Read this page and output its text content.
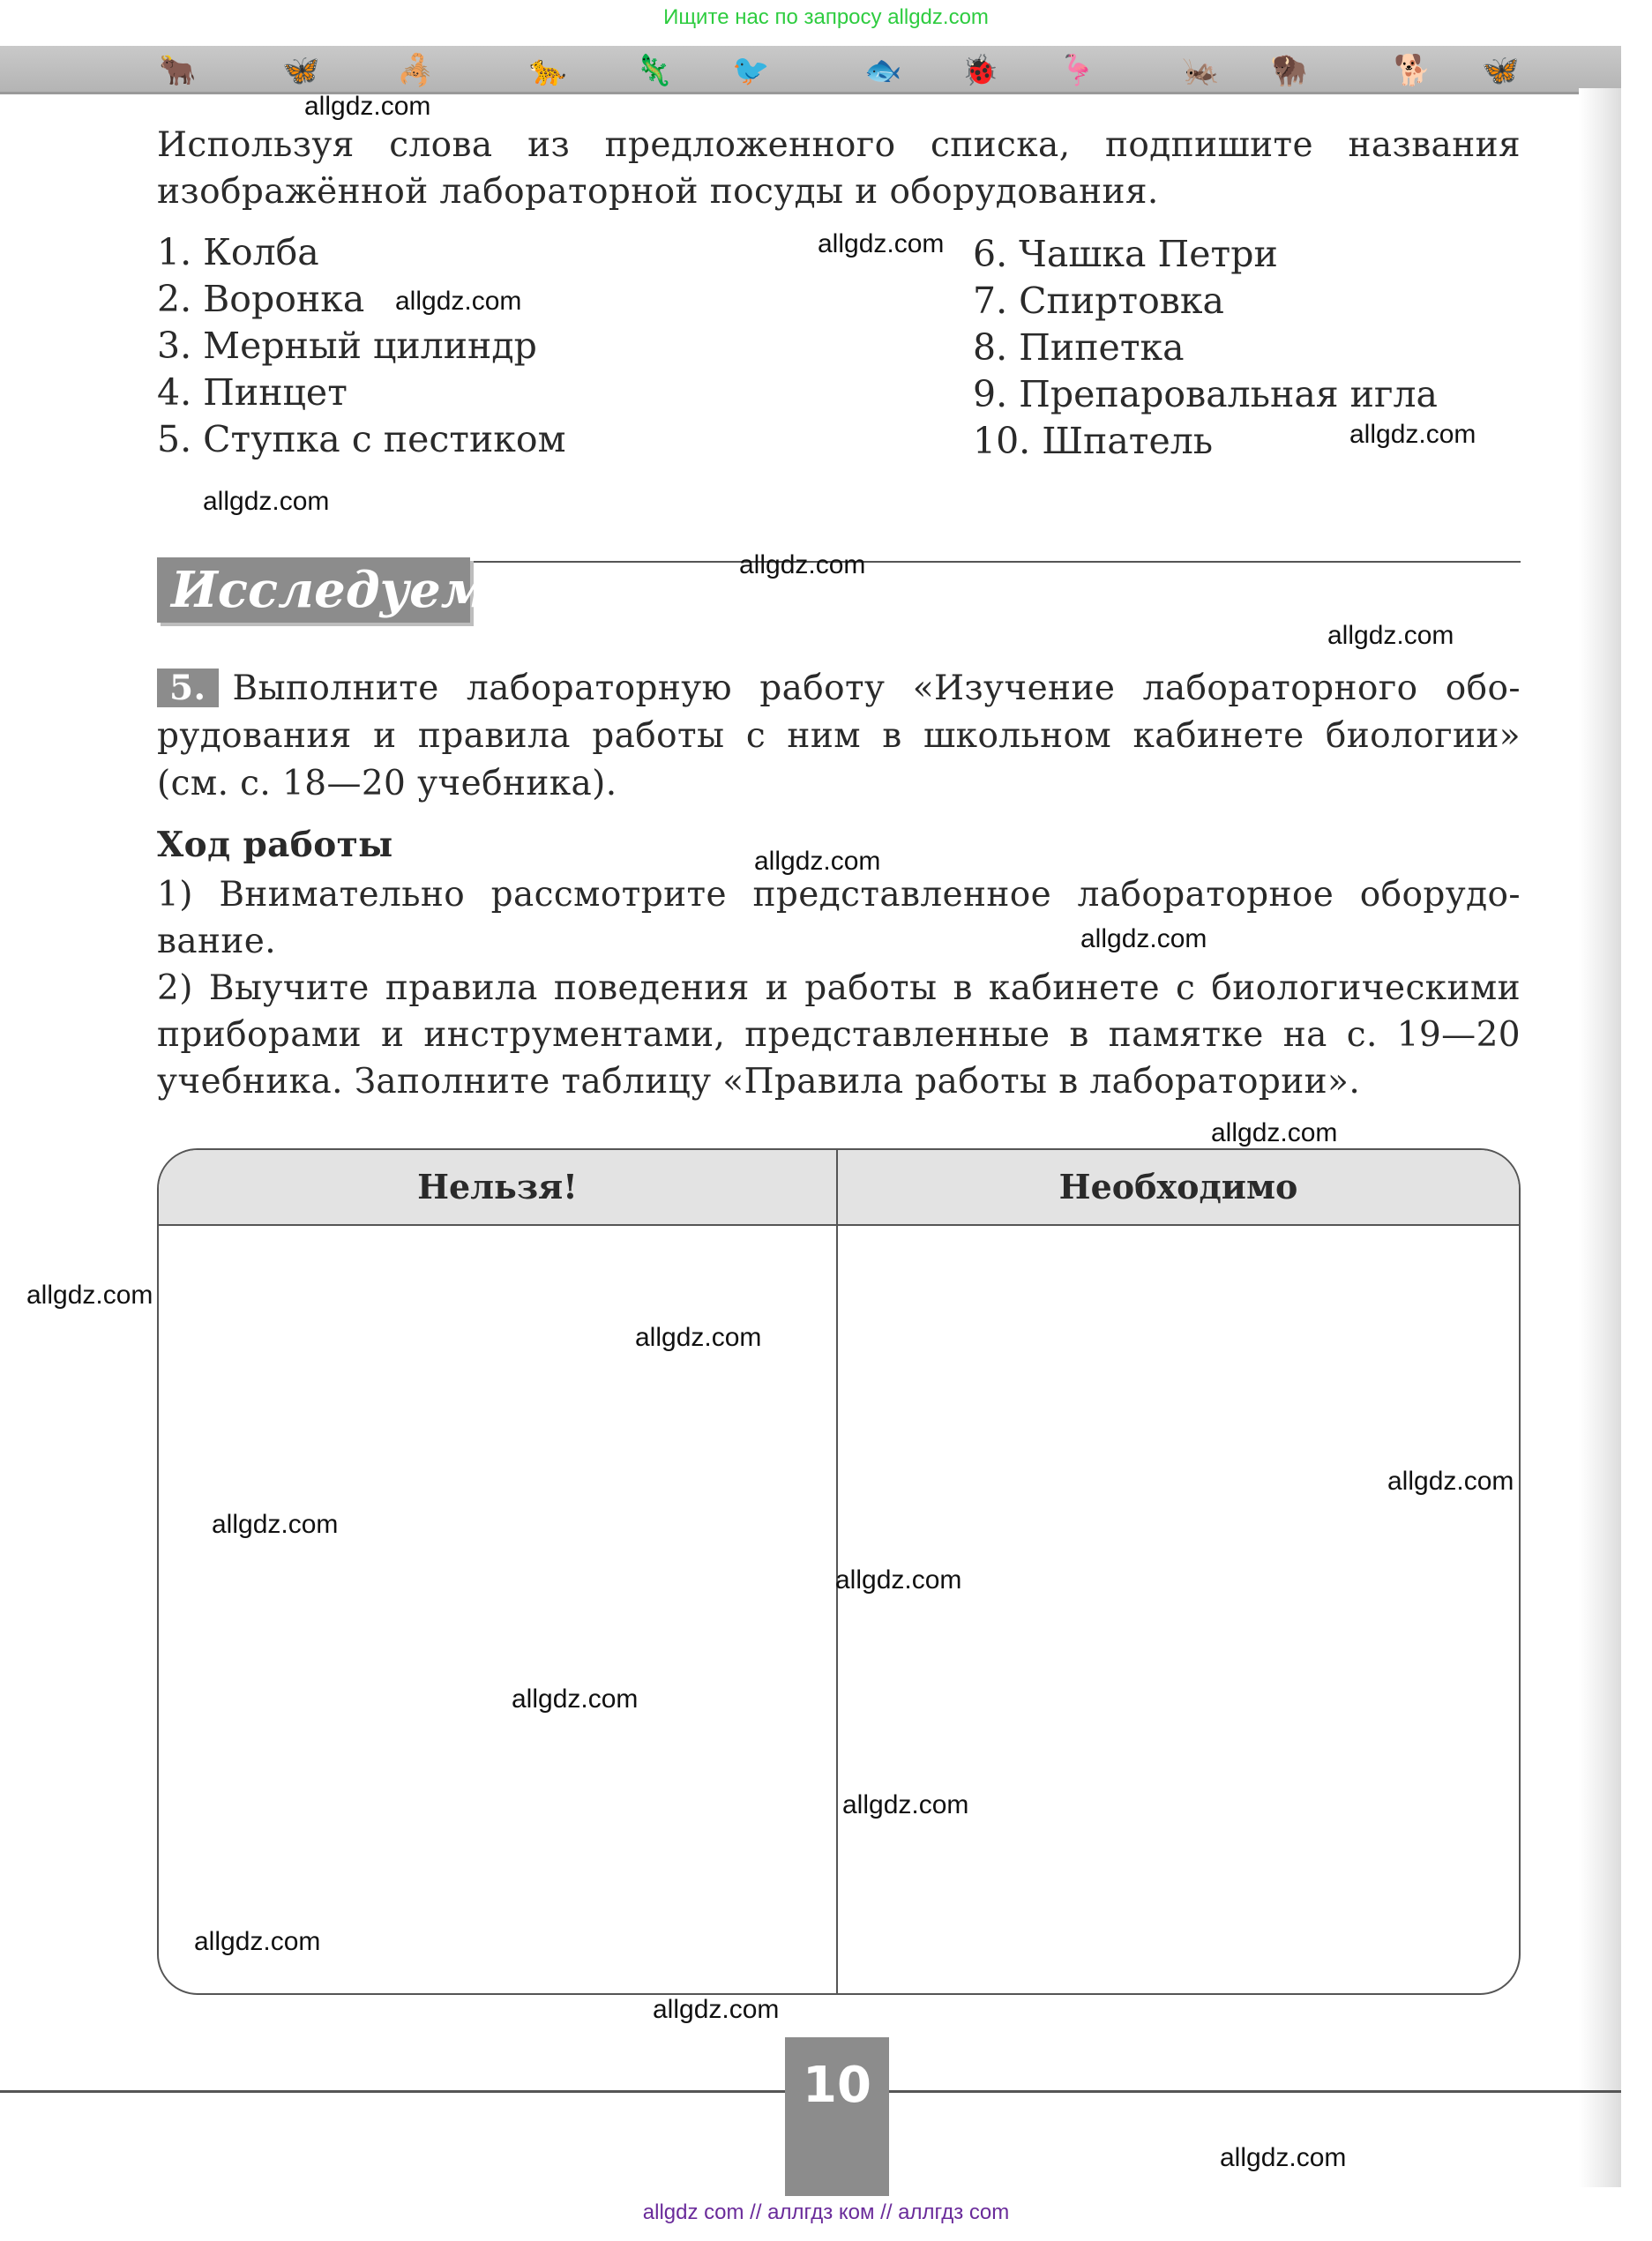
Ищите нас по запросу allgdz.com
🐂	🦋	🦂	🐆 🦎 🐦	🐟 🐞 🦩	🦗 🦬	🐕 🦋
Используя слова из предложенного списка, подпишите названия
изображённой лабораторной посуды и оборудования.
1. Колба
2. Воронка
3. Мерный цилиндр
4. Пинцет
5. Ступка с пестиком
6. Чашка Петри
7. Спиртовка
8. Пипетка
9. Препаровальная игла
10. Шпатель
Исследуем
5. Выполните лабораторную работу «Изучение лабораторного обо-
рудования и правила работы с ним в школьном кабинете биологии»
(см. с. 18—20 учебника).
Ход работы
1) Внимательно рассмотрите представленное лабораторное оборудо-
вание.
2) Выучите правила поведения и работы в кабинете с биологическими
приборами и инструментами, представленные в памятке на с. 19—20
учебника. Заполните таблицу «Правила работы в лаборатории».
Нельзя!	Необходимо
10
allgdz.com
allgdz.com
allgdz.com
allgdz.com
allgdz.com
allgdz.com
allgdz.com
allgdz.com
allgdz.com
allgdz.com
allgdz.com
allgdz.com
allgdz.com
allgdz.com
allgdz.com
allgdz.com
allgdz.com
allgdz.com
allgdz.com
allgdz.com
allgdz com // аллгдз ком // аллгдз com
